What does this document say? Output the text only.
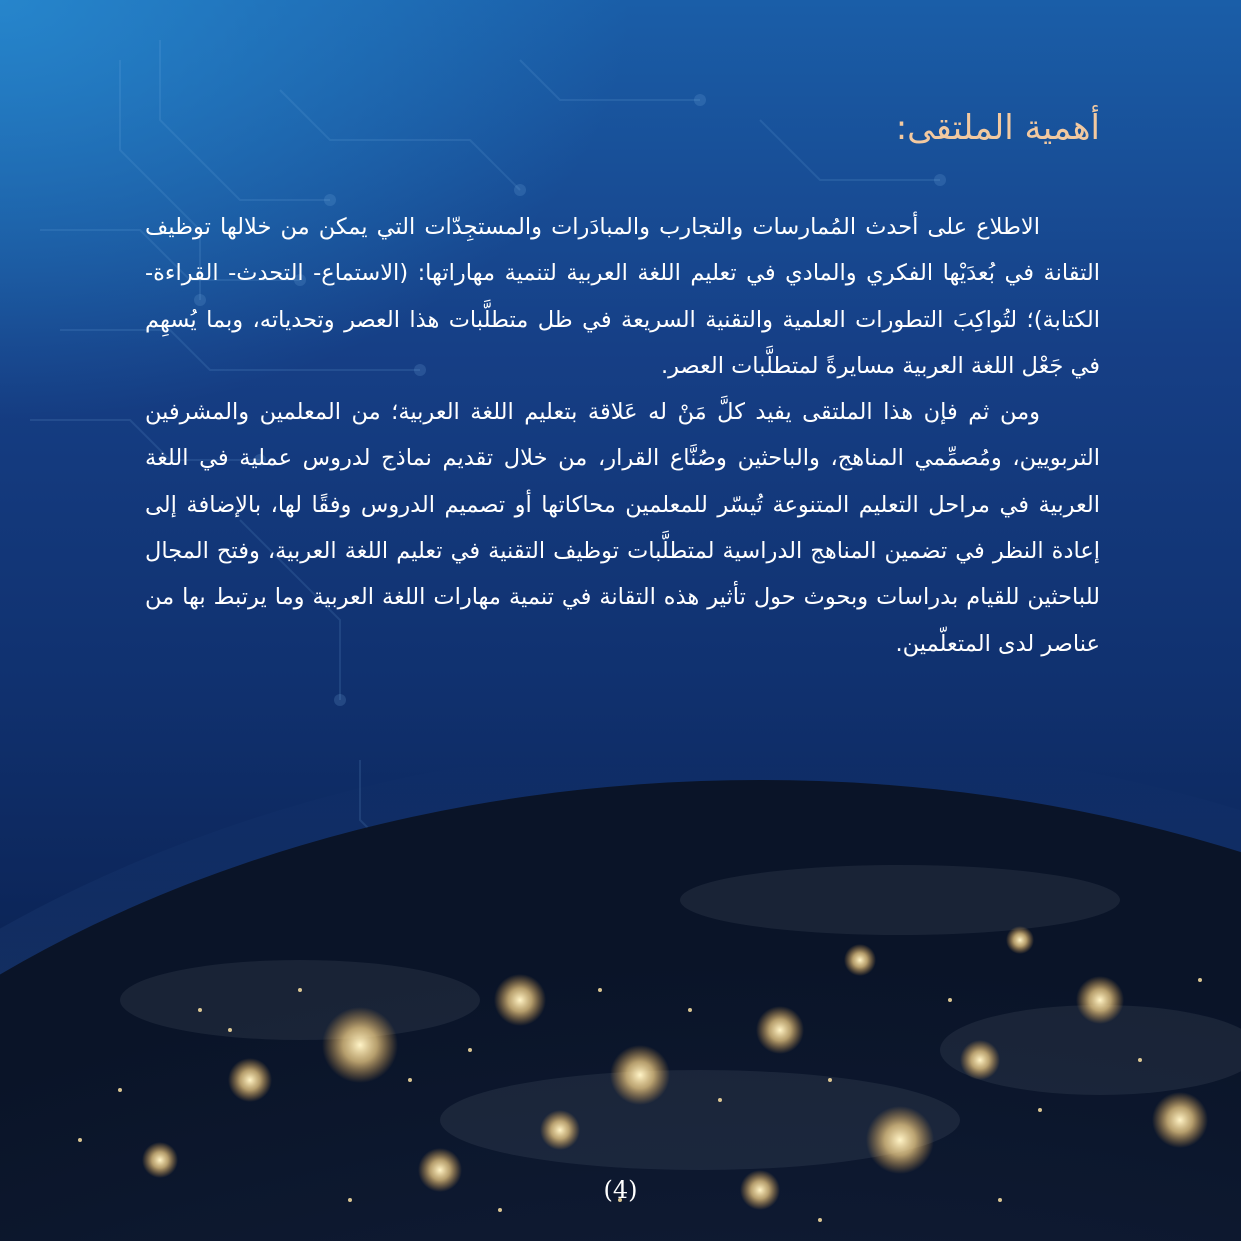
أهمية الملتقى:

الاطلاع على أحدث المُمارسات والتجارب والمبادَرات والمستجِدّات التي يمكن من خلالها توظيف التقانة في بُعدَيْها الفكري والمادي في تعليم اللغة العربية لتنمية مهاراتها: (الاستماع- التحدث- القراءة- الكتابة)؛ لتُواكِبَ التطورات العلمية والتقنية السريعة في ظل متطلَّبات هذا العصر وتحدياته، وبما يُسهِم في جَعْل اللغة العربية مسايرةً لمتطلَّبات العصر.

ومن ثم فإن هذا الملتقى يفيد كلَّ مَنْ له عَلاقة بتعليم اللغة العربية؛ من المعلمين والمشرفين التربويين، ومُصمِّمي المناهج، والباحثين وصُنَّاع القرار، من خلال تقديم نماذج لدروس عملية في اللغة العربية في مراحل التعليم المتنوعة تُيسّر للمعلمين محاكاتها أو تصميم الدروس وفقًا لها، بالإضافة إلى إعادة النظر في تضمين المناهج الدراسية لمتطلَّبات توظيف التقنية في تعليم اللغة العربية، وفتح المجال للباحثين للقيام بدراسات وبحوث حول تأثير هذه التقانة في تنمية مهارات اللغة العربية وما يرتبط بها من عناصر لدى المتعلّمين.

(4)
